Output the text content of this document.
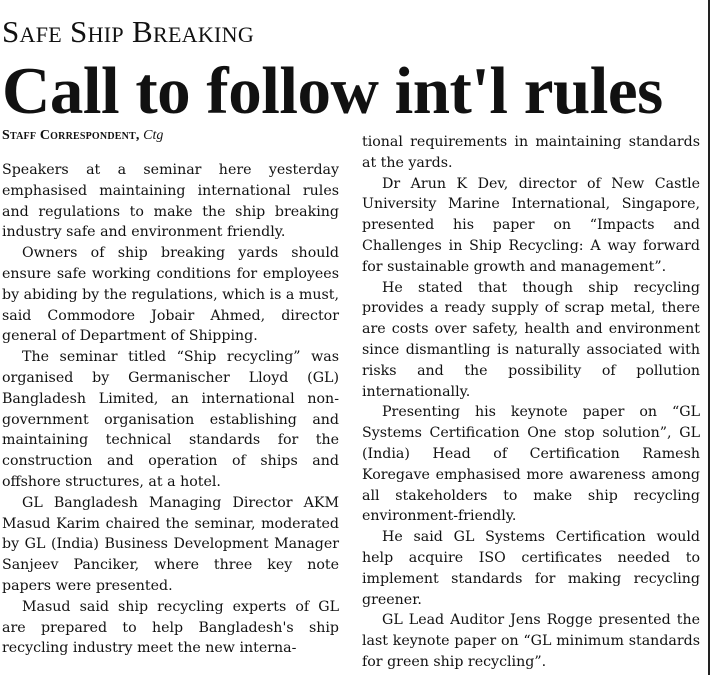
Safe Ship Breaking
Call to follow int'l rules
Staff Correspondent, Ctg

Speakers at a seminar here yesterday emphasised maintaining international rules and regulations to make the ship breaking industry safe and environment friendly.

Owners of ship breaking yards should ensure safe working conditions for employees by abiding by the regulations, which is a must, said Commodore Jobair Ahmed, director general of Department of Shipping.

The seminar titled “Ship recycling” was organised by Germanischer Lloyd (GL) Bangladesh Limited, an international non-government organisation establishing and maintaining technical standards for the construction and operation of ships and offshore structures, at a hotel.

GL Bangladesh Managing Director AKM Masud Karim chaired the seminar, moderated by GL (India) Business Development Manager Sanjeev Panciker, where three key note papers were presented.

Masud said ship recycling experts of GL are prepared to help Bangladesh's ship recycling industry meet the new interna-

tional requirements in maintaining standards at the yards.

Dr Arun K Dev, director of New Castle University Marine International, Singapore, presented his paper on “Impacts and Challenges in Ship Recycling: A way forward for sustainable growth and management”.

He stated that though ship recycling provides a ready supply of scrap metal, there are costs over safety, health and environment since dismantling is naturally associated with risks and the possibility of pollution internationally.

Presenting his keynote paper on “GL Systems Certification One stop solution”, GL (India) Head of Certification Ramesh Koregave emphasised more awareness among all stakeholders to make ship recycling environment-friendly.

He said GL Systems Certification would help acquire ISO certificates needed to implement standards for making recycling greener.

GL Lead Auditor Jens Rogge presented the last keynote paper on “GL minimum standards for green ship recycling”.
